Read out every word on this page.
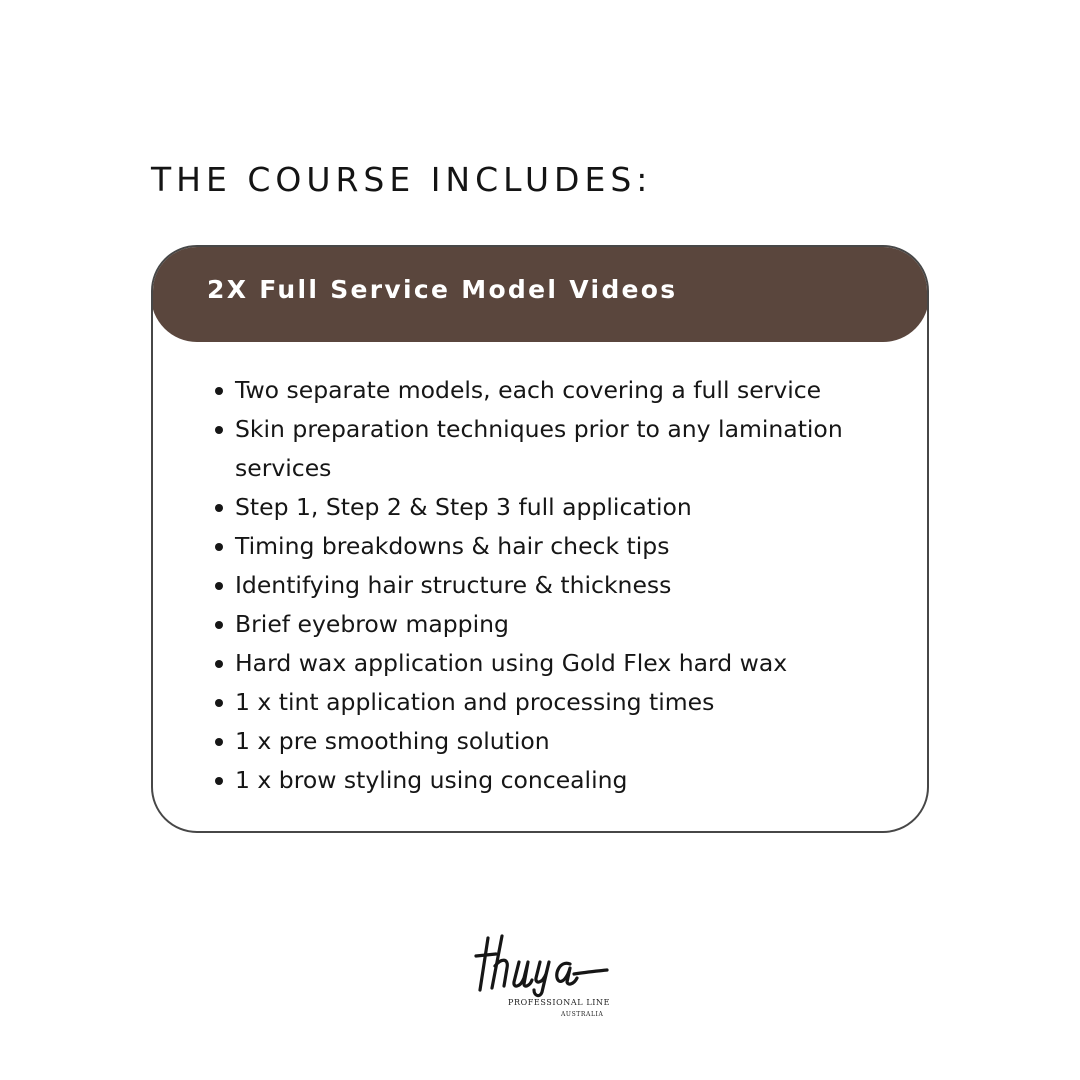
THE COURSE INCLUDES:
2X Full Service Model Videos
Two separate models, each covering a full service
Skin preparation techniques prior to any lamination services
Step 1, Step 2 & Step 3 full application
Timing breakdowns & hair check tips
Identifying hair structure & thickness
Brief eyebrow mapping
Hard wax application using Gold Flex hard wax
1 x tint application and processing times
1 x pre smoothing solution
1 x brow styling using concealing
PROFESSIONAL LINE
AUSTRALIA
